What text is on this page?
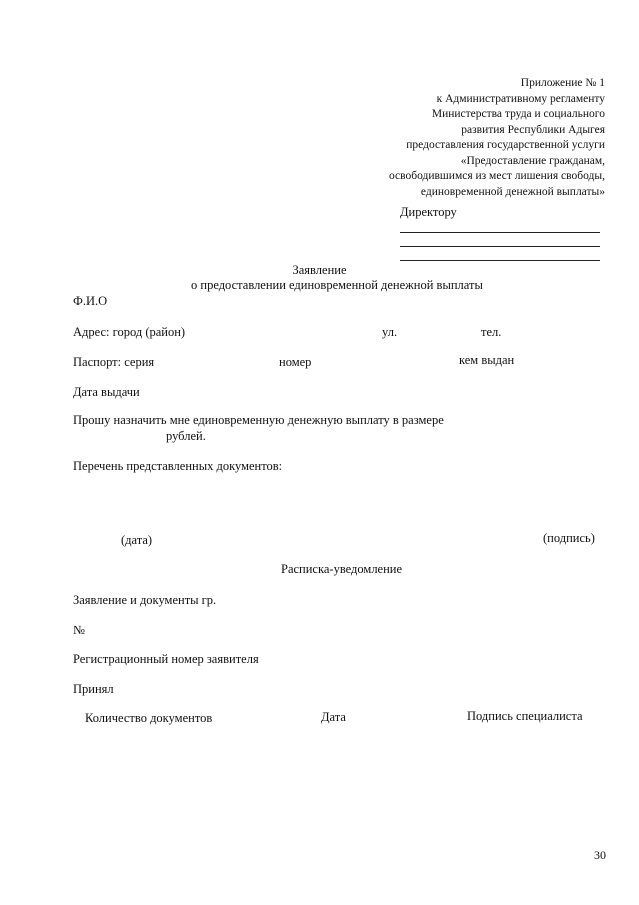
Приложение № 1
к Административному регламенту
Министерства труда и социального
развития Республики Адыгея
предоставления государственной услуги
«Предоставление гражданам,
освободившимся из мест лишения свободы,
единовременной денежной выплаты»
Директору
Заявление
о предоставлении единовременной денежной выплаты
Ф.И.О
Адрес: город (район)	ул.	тел.
Паспорт: серия	номер	кем выдан
Дата выдачи
Прошу назначить мне единовременную денежную выплату в размере
рублей.
Перечень представленных документов:
(дата)	(подпись)
Расписка-уведомление
Заявление и документы гр.
№
Регистрационный номер заявителя
Принял
Количество документов	Дата	Подпись специалиста
30
